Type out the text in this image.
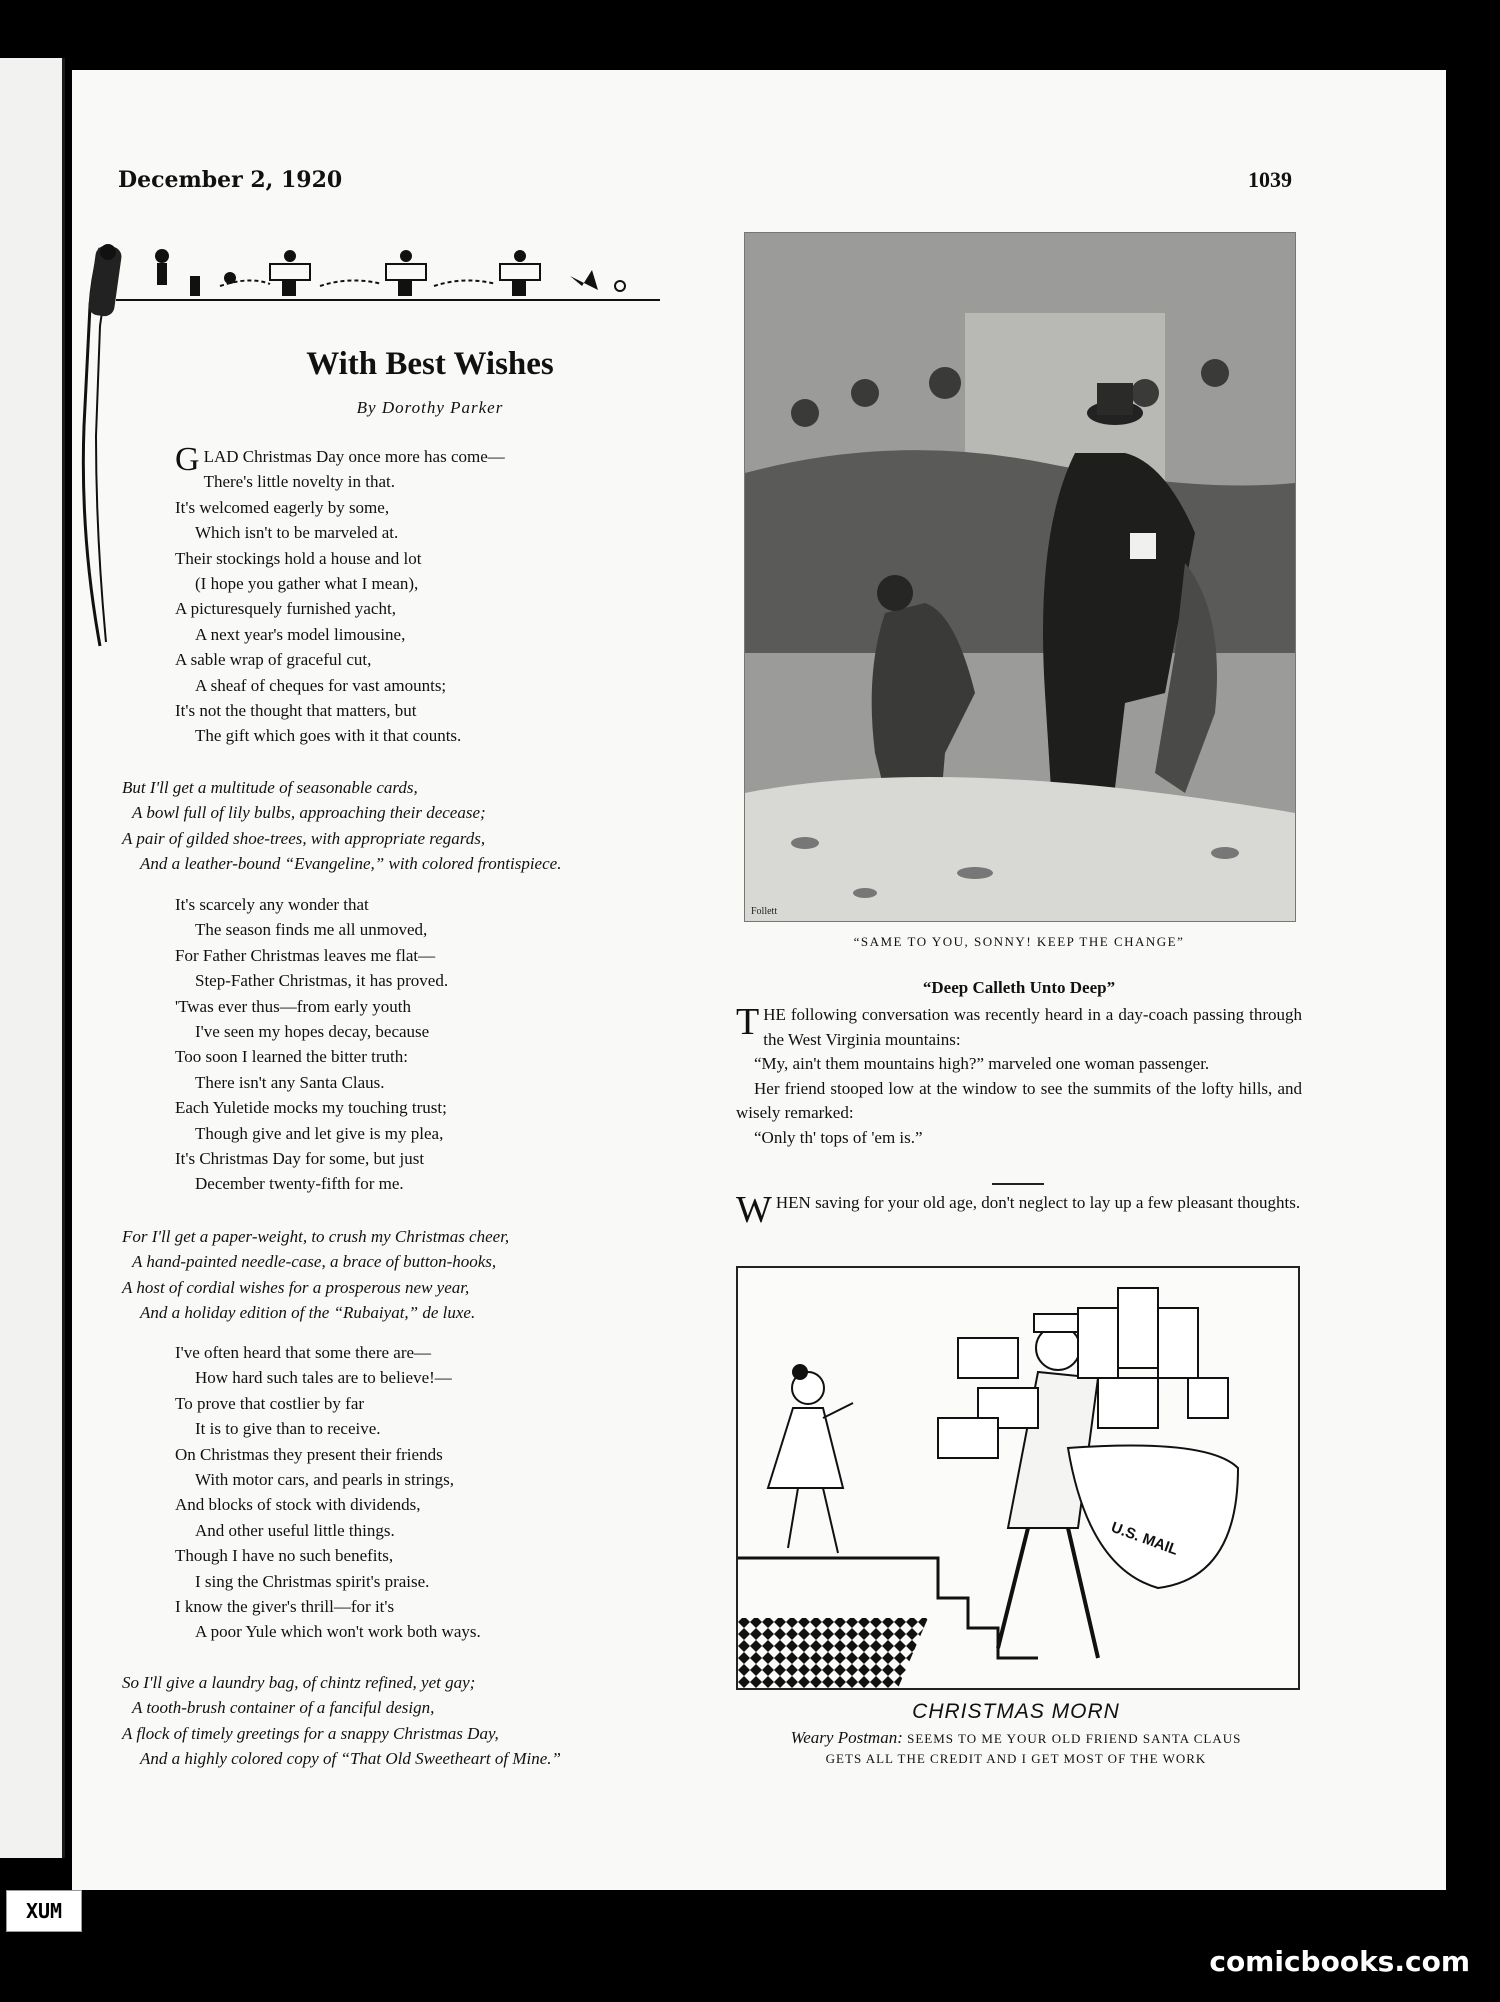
December 2, 1920	1039
With Best Wishes
By Dorothy Parker
GLAD Christmas Day once more has come—
There's little novelty in that.
It's welcomed eagerly by some,
Which isn't to be marveled at.
Their stockings hold a house and lot
(I hope you gather what I mean),
A picturesquely furnished yacht,
A next year's model limousine,
A sable wrap of graceful cut,
A sheaf of cheques for vast amounts;
It's not the thought that matters, but
The gift which goes with it that counts.
But I'll get a multitude of seasonable cards,
A bowl full of lily bulbs, approaching their decease;
A pair of gilded shoe-trees, with appropriate regards,
And a leather-bound “Evangeline,” with colored frontispiece.
It's scarcely any wonder that
The season finds me all unmoved,
For Father Christmas leaves me flat—
Step-Father Christmas, it has proved.
'Twas ever thus—from early youth
I've seen my hopes decay, because
Too soon I learned the bitter truth:
There isn't any Santa Claus.
Each Yuletide mocks my touching trust;
Though give and let give is my plea,
It's Christmas Day for some, but just
December twenty-fifth for me.
For I'll get a paper-weight, to crush my Christmas cheer,
A hand-painted needle-case, a brace of button-hooks,
A host of cordial wishes for a prosperous new year,
And a holiday edition of the “Rubaiyat,” de luxe.
I've often heard that some there are—
How hard such tales are to believe!—
To prove that costlier by far
It is to give than to receive.
On Christmas they present their friends
With motor cars, and pearls in strings,
And blocks of stock with dividends,
And other useful little things.
Though I have no such benefits,
I sing the Christmas spirit's praise.
I know the giver's thrill—for it's
A poor Yule which won't work both ways.
So I'll give a laundry bag, of chintz refined, yet gay;
A tooth-brush container of a fanciful design,
A flock of timely greetings for a snappy Christmas Day,
And a highly colored copy of “That Old Sweetheart of Mine.”
Follett
“SAME TO YOU, SONNY! KEEP THE CHANGE”
“Deep Calleth Unto Deep”

THE following conversation was recently heard in a day-coach passing through the West Virginia mountains:

“My, ain't them mountains high?” marveled one woman passenger.

Her friend stooped low at the window to see the summits of the lofty hills, and wisely remarked:

“Only th' tops of 'em is.”

WHEN saving for your old age, don't neglect to lay up a few pleasant thoughts.

U.S. MAIL
CHRISTMAS MORN
Weary Postman: SEEMS TO ME YOUR OLD FRIEND SANTA CLAUS
GETS ALL THE CREDIT AND I GET MOST OF THE WORK
comicbooks.com
XUM
